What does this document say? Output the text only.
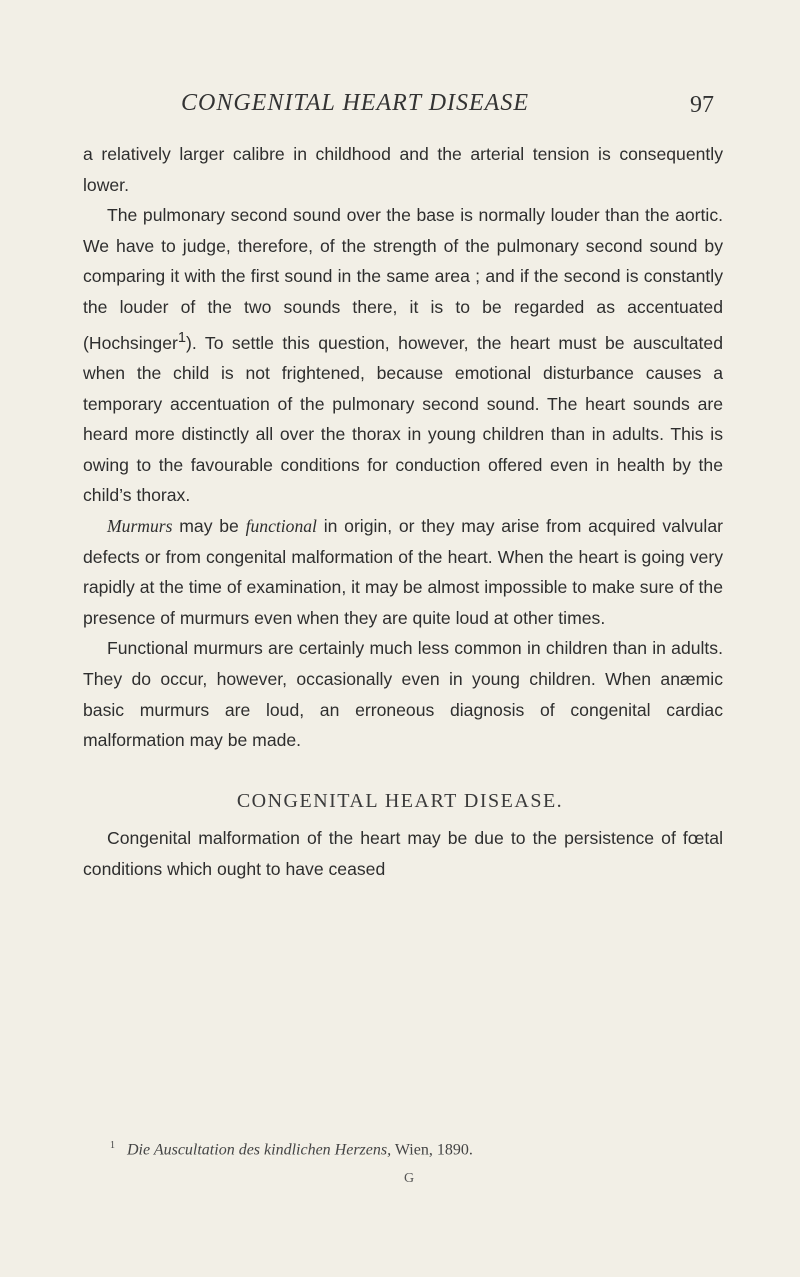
CONGENITAL HEART DISEASE	97

a relatively larger calibre in childhood and the arterial tension is consequently lower.

The pulmonary second sound over the base is normally louder than the aortic. We have to judge, therefore, of the strength of the pulmonary second sound by comparing it with the first sound in the same area ; and if the second is constantly the louder of the two sounds there, it is to be regarded as accentuated (Hochsinger$^1$). To settle this question, however, the heart must be auscultated when the child is not frightened, because emotional disturbance causes a temporary accentuation of the pulmonary second sound. The heart sounds are heard more distinctly all over the thorax in young children than in adults. This is owing to the favourable conditions for conduction offered even in health by the child’s thorax.

Murmurs may be functional in origin, or they may arise from acquired valvular defects or from congenital malformation of the heart. When the heart is going very rapidly at the time of examination, it may be almost impossible to make sure of the presence of murmurs even when they are quite loud at other times.

Functional murmurs are certainly much less common in children than in adults. They do occur, however, occasionally even in young children. When anæmic basic murmurs are loud, an erroneous diagnosis of congenital cardiac malformation may be made.

CONGENITAL HEART DISEASE.

Congenital malformation of the heart may be due to the persistence of fœtal conditions which ought to have ceased

$^1$ Die Auscultation des kindlichen Herzens, Wien, 1890.
G
